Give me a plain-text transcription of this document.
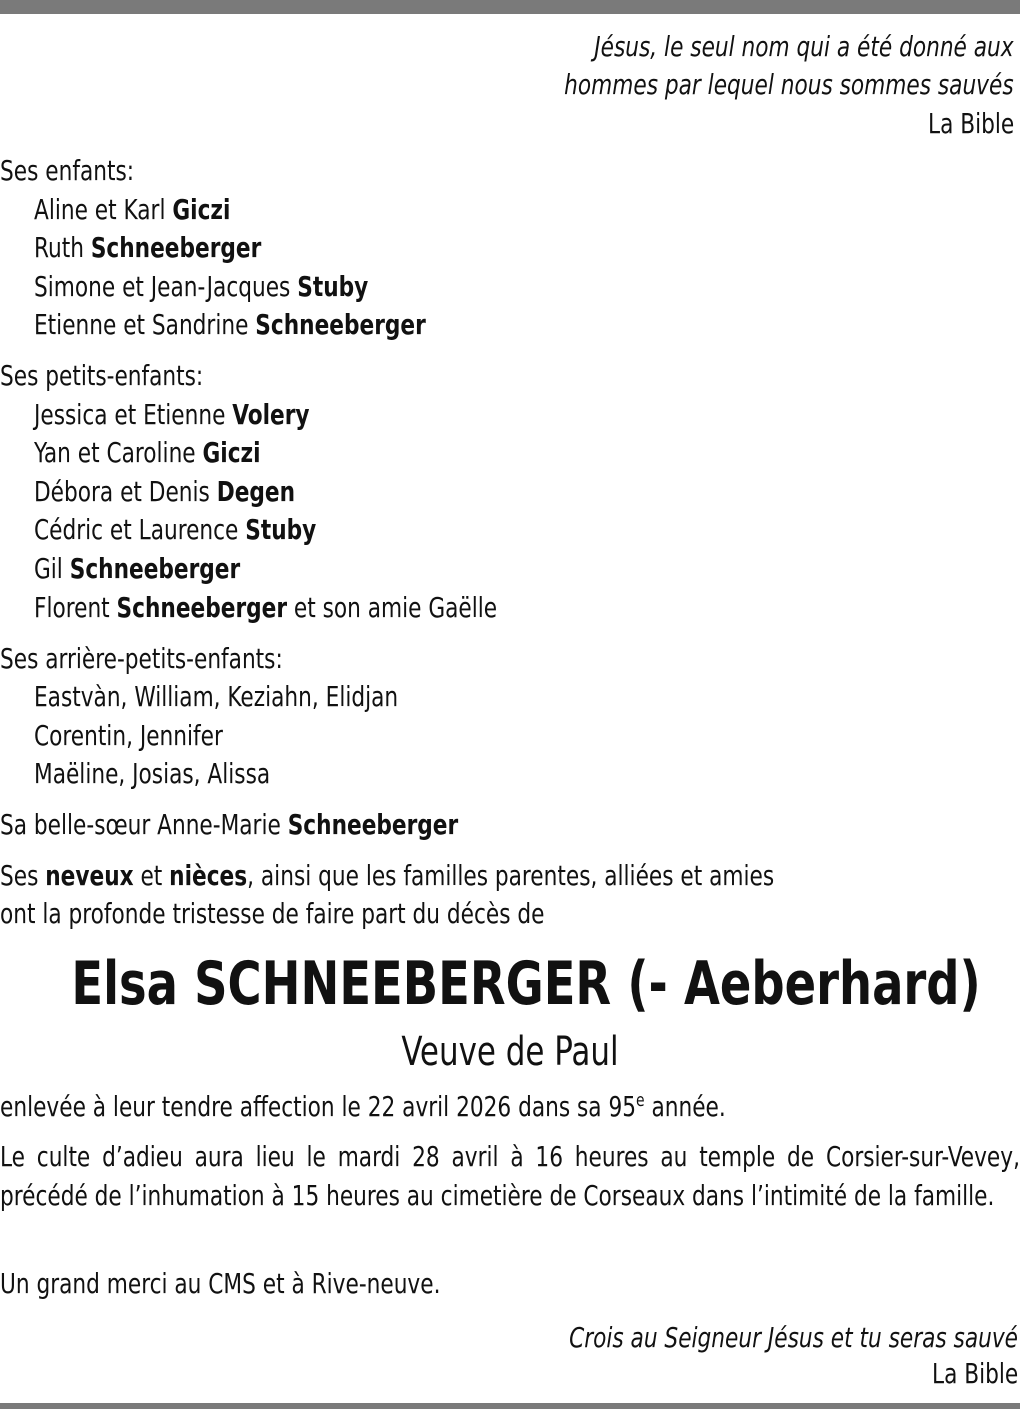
Jésus, le seul nom qui a été donné aux
hommes par lequel nous sommes sauvés
La Bible
Ses enfants:
Aline et Karl Giczi
Ruth Schneeberger
Simone et Jean-Jacques Stuby
Etienne et Sandrine Schneeberger
Ses petits-enfants:
Jessica et Etienne Volery
Yan et Caroline Giczi
Débora et Denis Degen
Cédric et Laurence Stuby
Gil Schneeberger
Florent Schneeberger et son amie Gaëlle
Ses arrière-petits-enfants:
Eastvàn, William, Keziahn, Elidjan
Corentin, Jennifer
Maëline, Josias, Alissa
Sa belle-sœur Anne-Marie Schneeberger
Ses neveux et nièces, ainsi que les familles parentes, alliées et amies
ont la profonde tristesse de faire part du décès de
Elsa SCHNEEBERGER (- Aeberhard)
Veuve de Paul
enlevée à leur tendre affection le 22 avril 2026 dans sa 95e année.
Le culte d’adieu aura lieu le mardi 28 avril à 16 heures au temple de Corsier-sur-Vevey, précédé de l’inhumation à 15 heures au cimetière de Corseaux dans l’intimité de la famille.
Un grand merci au CMS et à Rive-neuve.
Crois au Seigneur Jésus et tu seras sauvé
La Bible
